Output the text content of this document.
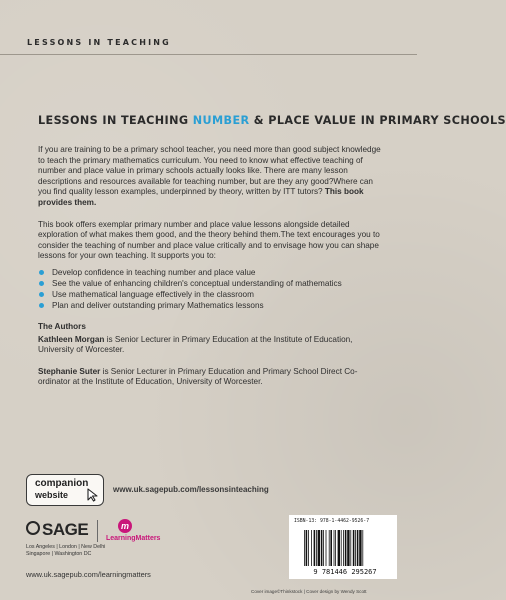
LESSONS IN TEACHING
LESSONS IN TEACHING NUMBER & PLACE VALUE IN PRIMARY SCHOOLS

If you are training to be a primary school teacher, you need more than good subject knowledge to teach the primary mathematics curriculum. You need to know what effective teaching of number and place value in primary schools actually looks like. There are many lesson descriptions and resources available for teaching number, but are they any good?Where can you find quality lesson examples, underpinned by theory, written by ITT tutors? This book provides them.

This book offers exemplar primary number and place value lessons alongside detailed exploration of what makes them good, and the theory behind them.The text encourages you to consider the teaching of number and place value critically and to envisage how you can shape lessons for your own teaching. It supports you to:

Develop confidence in teaching number and place value
See the value of enhancing children's conceptual understanding of mathematics
Use mathematical language effectively in the classroom
Plan and deliver outstanding primary Mathematics lessons
The Authors

Kathleen Morgan is Senior Lecturer in Primary Education at the Institute of Education, University of Worcester.

Stephanie Suter is Senior Lecturer in Primary Education and Primary School Direct Co-ordinator at the Institute of Education, University of Worcester.

companion
website
www.uk.sagepub.com/lessonsinteaching
SAGE	m
LearningMatters
Los Angeles | London | New Delhi
Singapore | Washington DC
www.uk.sagepub.com/learningmatters
ISBN-13: 978-1-4462-9526-7
9 781446 295267
Cover image©Thinkstock | Cover design by Wendy Scott
